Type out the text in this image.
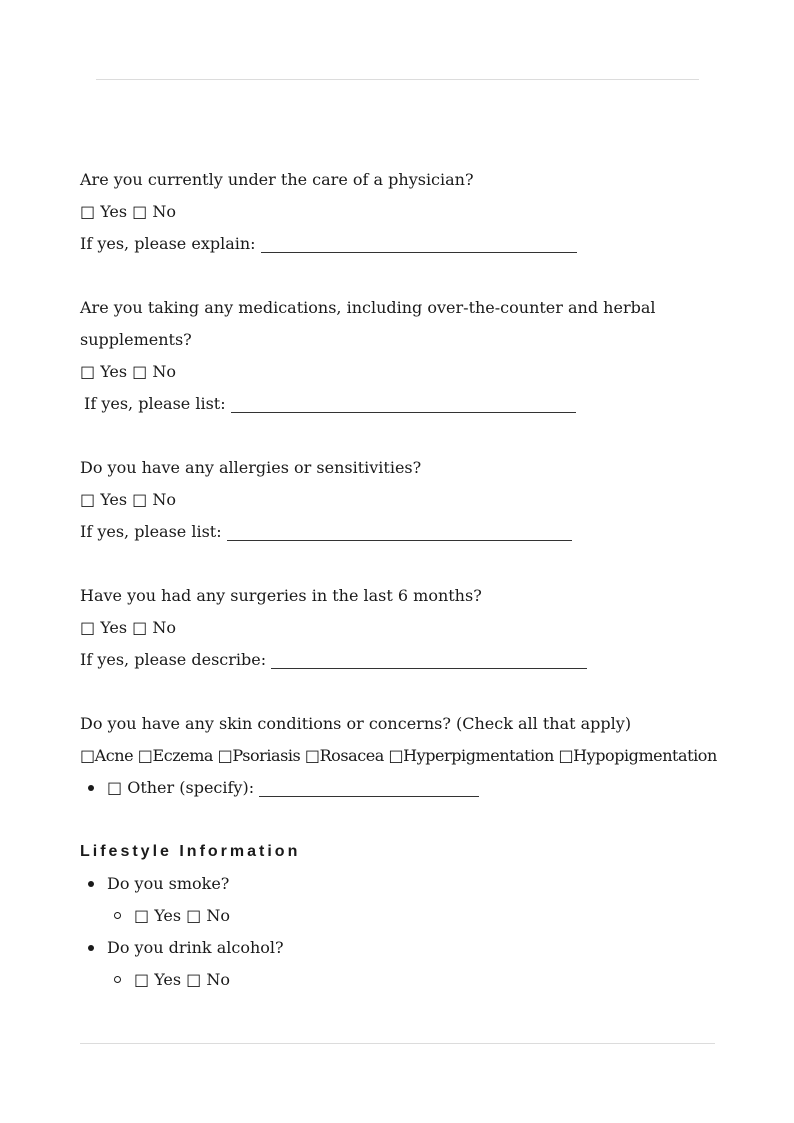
Are you currently under the care of a physician?
□ Yes □ No
If yes, please explain:
Are you taking any medications, including over-the-counter and herbal supplements?
□ Yes □ No
If yes, please list:
Do you have any allergies or sensitivities?
□ Yes □ No
If yes, please list:
Have you had any surgeries in the last 6 months?
□ Yes □ No
If yes, please describe:
Do you have any skin conditions or concerns? (Check all that apply)
□Acne □Eczema □Psoriasis □Rosacea □Hyperpigmentation □Hypopigmentation
□ Other (specify):
Lifestyle Information
Do you smoke?
□ Yes □ No
Do you drink alcohol?
□ Yes □ No
